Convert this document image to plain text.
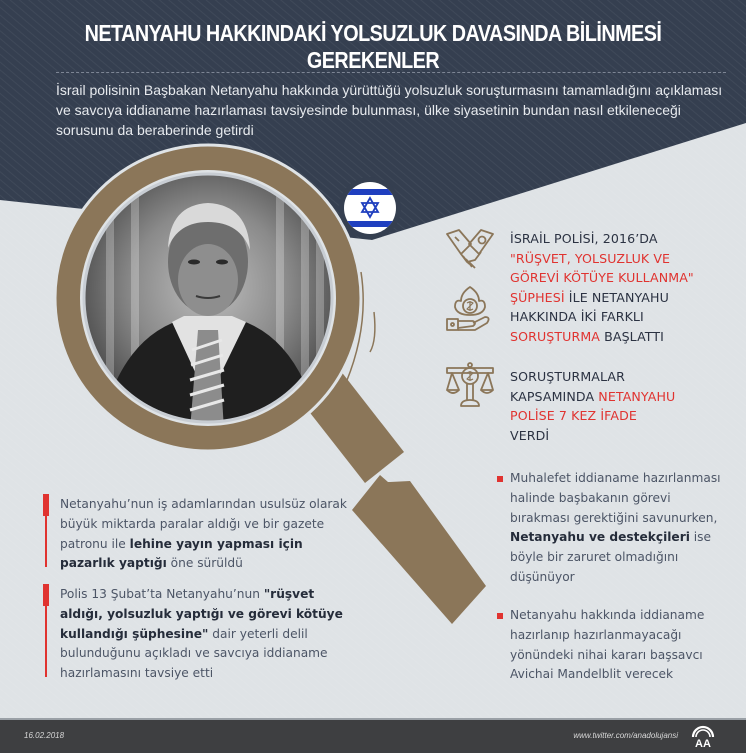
NETANYAHU HAKKINDAKİ YOLSUZLUK DAVASINDA BİLİNMESİ GEREKENLER
İsrail polisinin Başbakan Netanyahu hakkında yürüttüğü yolsuzluk soruşturmasını tamamladığını açıklaması ve savcıya iddianame hazırlaması tavsiyesinde bulunması, ülke siyasetinin bundan nasıl etkileneceği sorusunu da beraberinde getirdi
İSRAİL POLİSİ, 2016’DA
"RÜŞVET, YOLSUZLUK VE
GÖREVİ KÖTÜYE KULLANMA"
ŞÜPHESİ İLE NETANYAHU
HAKKINDA İKİ FARKLI
SORUŞTURMA BAŞLATTI
SORUŞTURMALAR
KAPSAMINDA NETANYAHU
POLİSE 7 KEZ İFADE
VERDİ
Netanyahu’nun iş adamlarından usulsüz olarak büyük miktarda paralar aldığı ve bir gazete patronu ile lehine yayın yapması için pazarlık yaptığı öne sürüldü
Polis 13 Şubat’ta Netanyahu’nun "rüşvet aldığı, yolsuzluk yaptığı ve görevi kötüye kullandığı şüphesine" dair yeterli delil bulunduğunu açıkladı ve savcıya iddianame hazırlamasını tavsiye etti
Muhalefet iddianame hazırlanması halinde başbakanın görevi bırakması gerektiğini savunurken, Netanyahu ve destekçileri ise böyle bir zaruret olmadığını düşünüyor
Netanyahu hakkında iddianame hazırlanıp hazırlanmayacağı yönündeki nihai kararı başsavcı Avichai Mandelblit verecek
16.02.2018	www.twitter.com/anadolujansi
AA
